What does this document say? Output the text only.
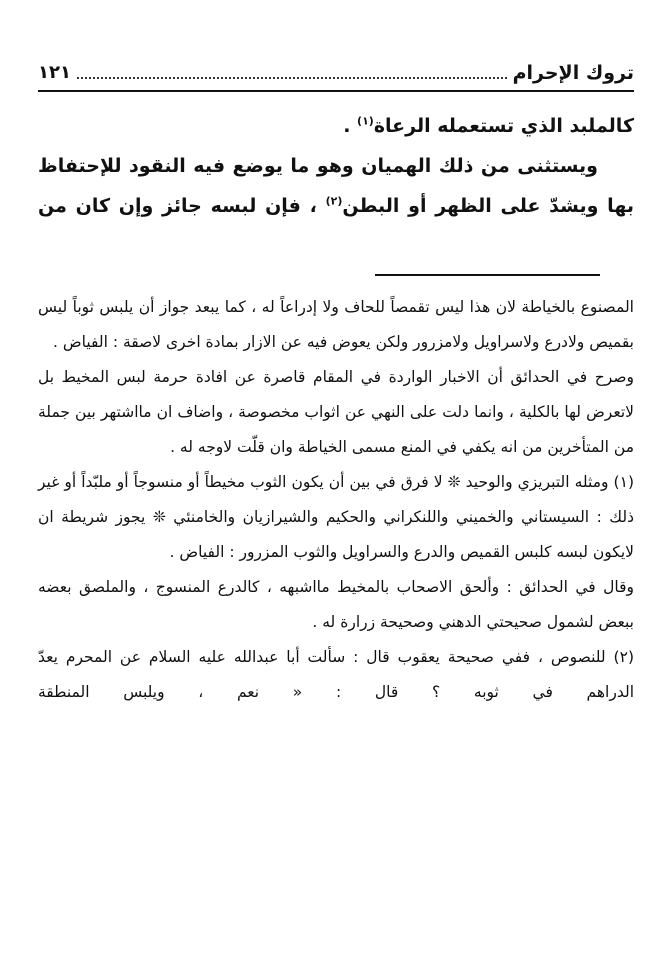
تروك الإحرام
١٢١

كالملبد الذي تستعمله الرعاة$^{(١)}$ .

ويستثنى من ذلك الهميان وهو ما يوضع فيه النقود للإحتفاظ بها ويشدّ على الظهر أو البطن$^{(٢)}$ ، فإن لبسه جائز وإن كان من

المصنوع بالخياطة لان هذا ليس تقمصاً للحاف ولا إدراعاً له ، كما يبعد جواز أن يلبس ثوباً ليس بقميص ولادرع ولاسراويل ولامزرور ولكن يعوض فيه عن الازار بمادة اخرى لاصقة : الفياض .

وصرح في الحدائق أن الاخبار الواردة في المقام قاصرة عن افادة حرمة لبس المخيط بل لاتعرض لها بالكلية ، وانما دلت على النهي عن اثواب مخصوصة ، واضاف ان مااشتهر بين جملة من المتأخرين من انه يكفي في المنع مسمى الخياطة وان قلّت لاوجه له .

(١) ومثله التبريزي والوحيد ❊ لا فرق في بين أن يكون الثوب مخيطاً أو منسوجاً أو ملبّداً أو غير ذلك : السيستاني والخميني واللنكراني والحكيم والشيرازيان والخامنئي ❊ يجوز شريطة ان لايكون لبسه كلبس القميص والدرع والسراويل والثوب المزرور : الفياض .

وقال في الحدائق : وألحق الاصحاب بالمخيط مااشبهه ، كالدرع المنسوج ، والملصق بعضه ببعض لشمول صحيحتي الدهني وصحيحة زرارة له .

(٢) للنصوص ، ففي صحيحة يعقوب قال : سألت أبا عبدالله عليه السلام عن المحرم يعدّ الدراهم في ثوبه ؟ قال : « نعم ، ويلبس المنطقة
